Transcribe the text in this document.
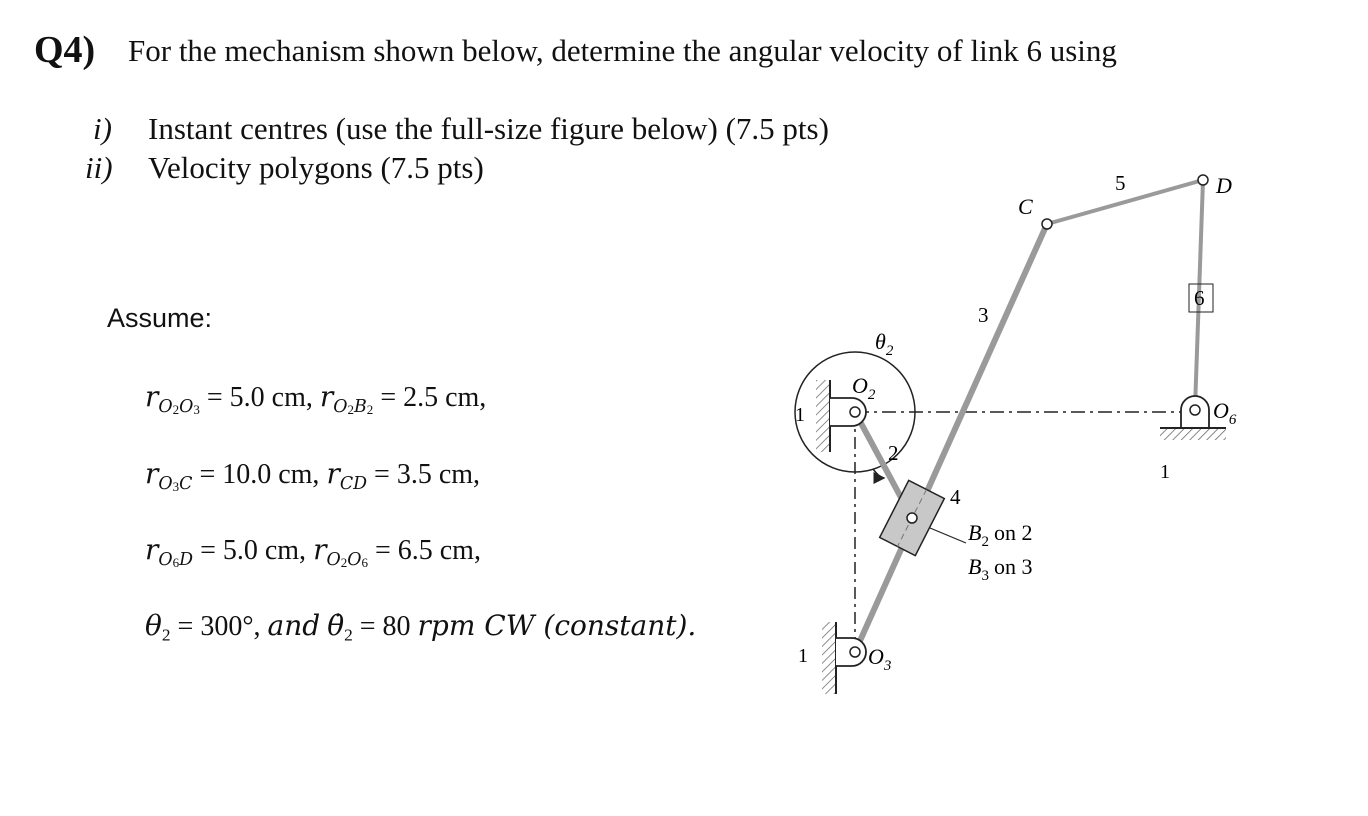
Q4) For the mechanism shown below, determine the angular velocity of link 6 using
i) Instant centres (use the full-size figure below) (7.5 pts)
ii) Velocity polygons (7.5 pts)
Assume:
$r_{O2O3} = 5.0$ cm, $r_{O2B2} = 2.5$ cm,
$r_{O3C} = 10.0$ cm, $r_{CD} = 3.5$ cm,
$r_{O6D} = 5.0$ cm, $r_{O2O6} = 6.5$ cm,
$\theta_2 = 300^\circ$, and $\thetȧ_2 = 80$ rpm CW (constant).
D
5
C
6
3
$\theta_2$
$O_2$
1
2
4
$O_6$
1
$B_2$ on 2
$B_3$ on 3
1	$O_3$
